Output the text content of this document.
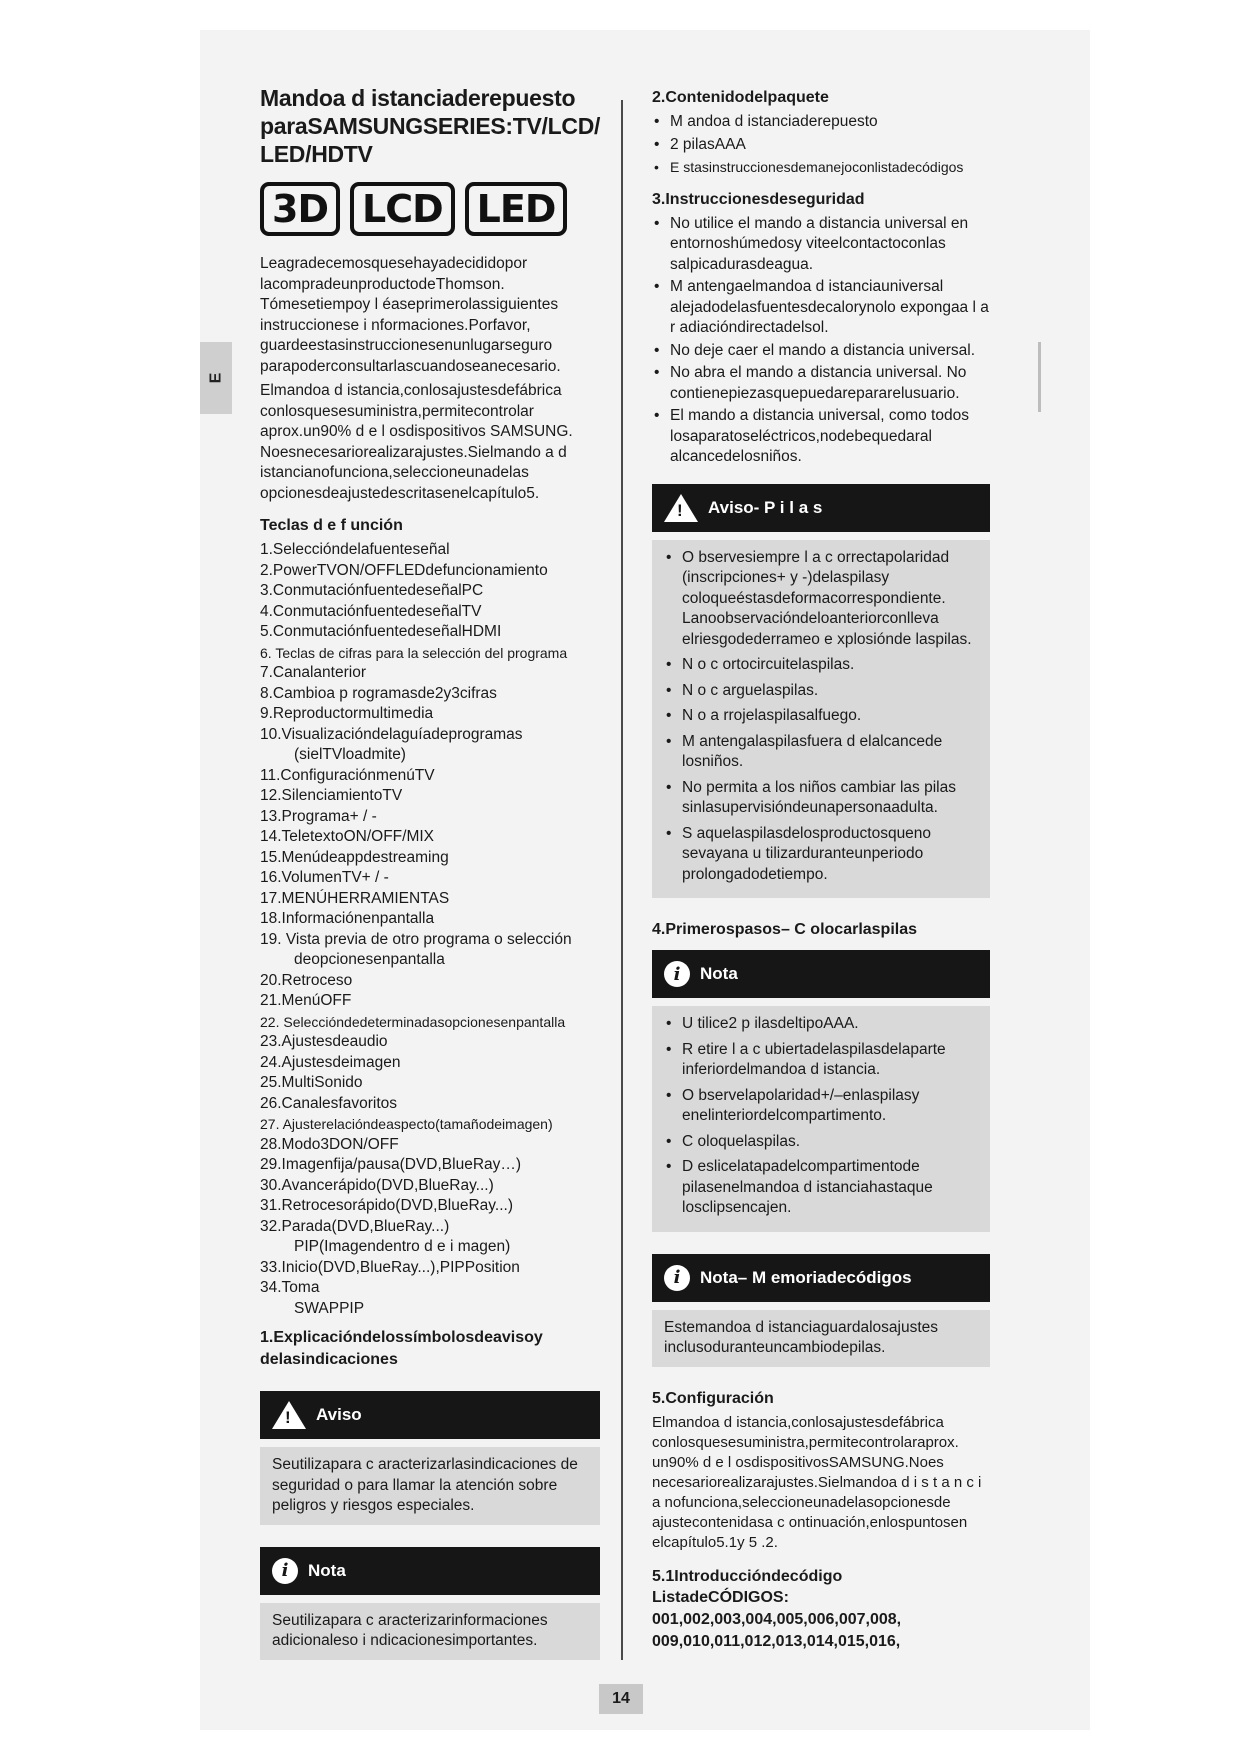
E
Mandoa d istanciaderepuesto paraSAMSUNGSERIES:TV/LCD/ LED/HDTV
3D LCD LED

Leagradecemosquesehayadecididopor lacompradeunproductodeThomson. Tómesetiempoy l éaseprimerolassiguientes instruccionese i nformaciones.Porfavor, guardeestasinstruccionesenunlugarseguro parapoderconsultarlascuandoseanecesario.

Elmandoa d istancia,conlosajustesdefábrica conlosquesesuministra,permitecontrolar aprox.un90% d e l osdispositivos SAMSUNG. Noesnecesariorealizarajustes.Sielmando a d istancianofunciona,seleccioneunadelas opcionesdeajustedescritasenelcapítulo5.

Teclas d e f unción
1.Seleccióndelafuenteseñal
2.PowerTVON/OFFLEDdefuncionamiento
3.ConmutaciónfuentedeseñalPC
4.ConmutaciónfuentedeseñalTV
5.ConmutaciónfuentedeseñalHDMI
6. Teclas de cifras para la selección del programa
7.Canalanterior
8.Cambioa p rogramasde2y3cifras
9.Reproductormultimedia
10.Visualizacióndelaguíadeprogramas
(sielTVloadmite)
11.ConfiguraciónmenúTV
12.SilenciamientoTV
13.Programa+ / -
14.TeletextoON/OFF/MIX
15.Menúdeappdestreaming
16.VolumenTV+ / -
17.MENÚHERRAMIENTAS
18.Informaciónenpantalla
19. Vista previa de otro programa o selección
deopcionesenpantalla
20.Retroceso
21.MenúOFF
22. Seleccióndedeterminadasopcionesenpantalla
23.Ajustesdeaudio
24.Ajustesdeimagen
25.MultiSonido
26.Canalesfavoritos
27. Ajusterelacióndeaspecto(tamañodeimagen)
28.Modo3DON/OFF
29.Imagenfija/pausa(DVD,BlueRay…)
30.Avancerápido(DVD,BlueRay...)
31.Retrocesorápido(DVD,BlueRay...)
32.Parada(DVD,BlueRay...)
PIP(Imagendentro d e i magen)
33.Inicio(DVD,BlueRay...),PIPPosition
34.Toma
SWAPPIP
1.Explicacióndelossímbolosdeavisoy delasindicaciones
!
Aviso
Seutilizapara c aracterizarlasindicaciones de seguridad o para llamar la atención sobre peligros y riesgos especiales.
i	Nota
Seutilizapara c aracterizarinformaciones adicionaleso i ndicacionesimportantes.
2.Contenidodelpaquete
• M andoa d istanciaderepuesto
• 2 pilasAAA
• E stasinstruccionesdemanejoconlistadecódigos
3.Instruccionesdeseguridad
• No utilice el mando a distancia universal en entornoshúmedosy viteelcontactoconlas salpicadurasdeagua.
• M antengaelmandoa d istanciauniversal alejadodelasfuentesdecalorynolo expongaa l a r adiacióndirectadelsol.
• No deje caer el mando a distancia universal.
• No abra el mando a distancia universal. No contienepiezasquepuedarepararelusuario.
• El mando a distancia universal, como todos losaparatoseléctricos,nodebequedaral alcancedelosniños.
!
Aviso- P i l a s
• O bservesiempre l a c orrectapolaridad (inscripciones+ y -)delaspilasy coloqueéstasdeformacorrespondiente. Lanoobservacióndeloanteriorconlleva elriesgodederrameo e xplosiónde laspilas.
• N o c ortocircuitelaspilas.
• N o c arguelaspilas.
• N o a rrojelaspilasalfuego.
• M antengalaspilasfuera d elalcancede losniños.
• No permita a los niños cambiar las pilas sinlasupervisióndeunapersonaadulta.
• S aquelaspilasdelosproductosqueno sevayana u tilizarduranteunperiodo prolongadodetiempo.
4.Primerospasos– C olocarlaspilas
i	Nota
• U tilice2 p ilasdeltipoAAA.
• R etire l a c ubiertadelaspilasdelaparte inferiordelmandoa d istancia.
• O bservelapolaridad+/–enlaspilasy enelinteriordelcompartimento.
• C oloquelaspilas.
• D eslicelatapadelcompartimentode pilasenelmandoa d istanciahastaque losclipsencajen.
i	Nota– M emoriadecódigos
Estemandoa d istanciaguardalosajustes inclusoduranteuncambiodepilas.
5.Configuración

Elmandoa d istancia,conlosajustesdefábrica conlosquesesuministra,permitecontrolaraprox. un90% d e l osdispositivosSAMSUNG.Noes necesariorealizarajustes.Sielmandoa d i s t a n c i a nofunciona,seleccioneunadelasopcionesde ajustecontenidasa c ontinuación,enlospuntosen elcapítulo5.1y 5 .2.

5.1Introduccióndecódigo
ListadeCÓDIGOS:
001,002,003,004,005,006,007,008,
009,010,011,012,013,014,015,016,
14
